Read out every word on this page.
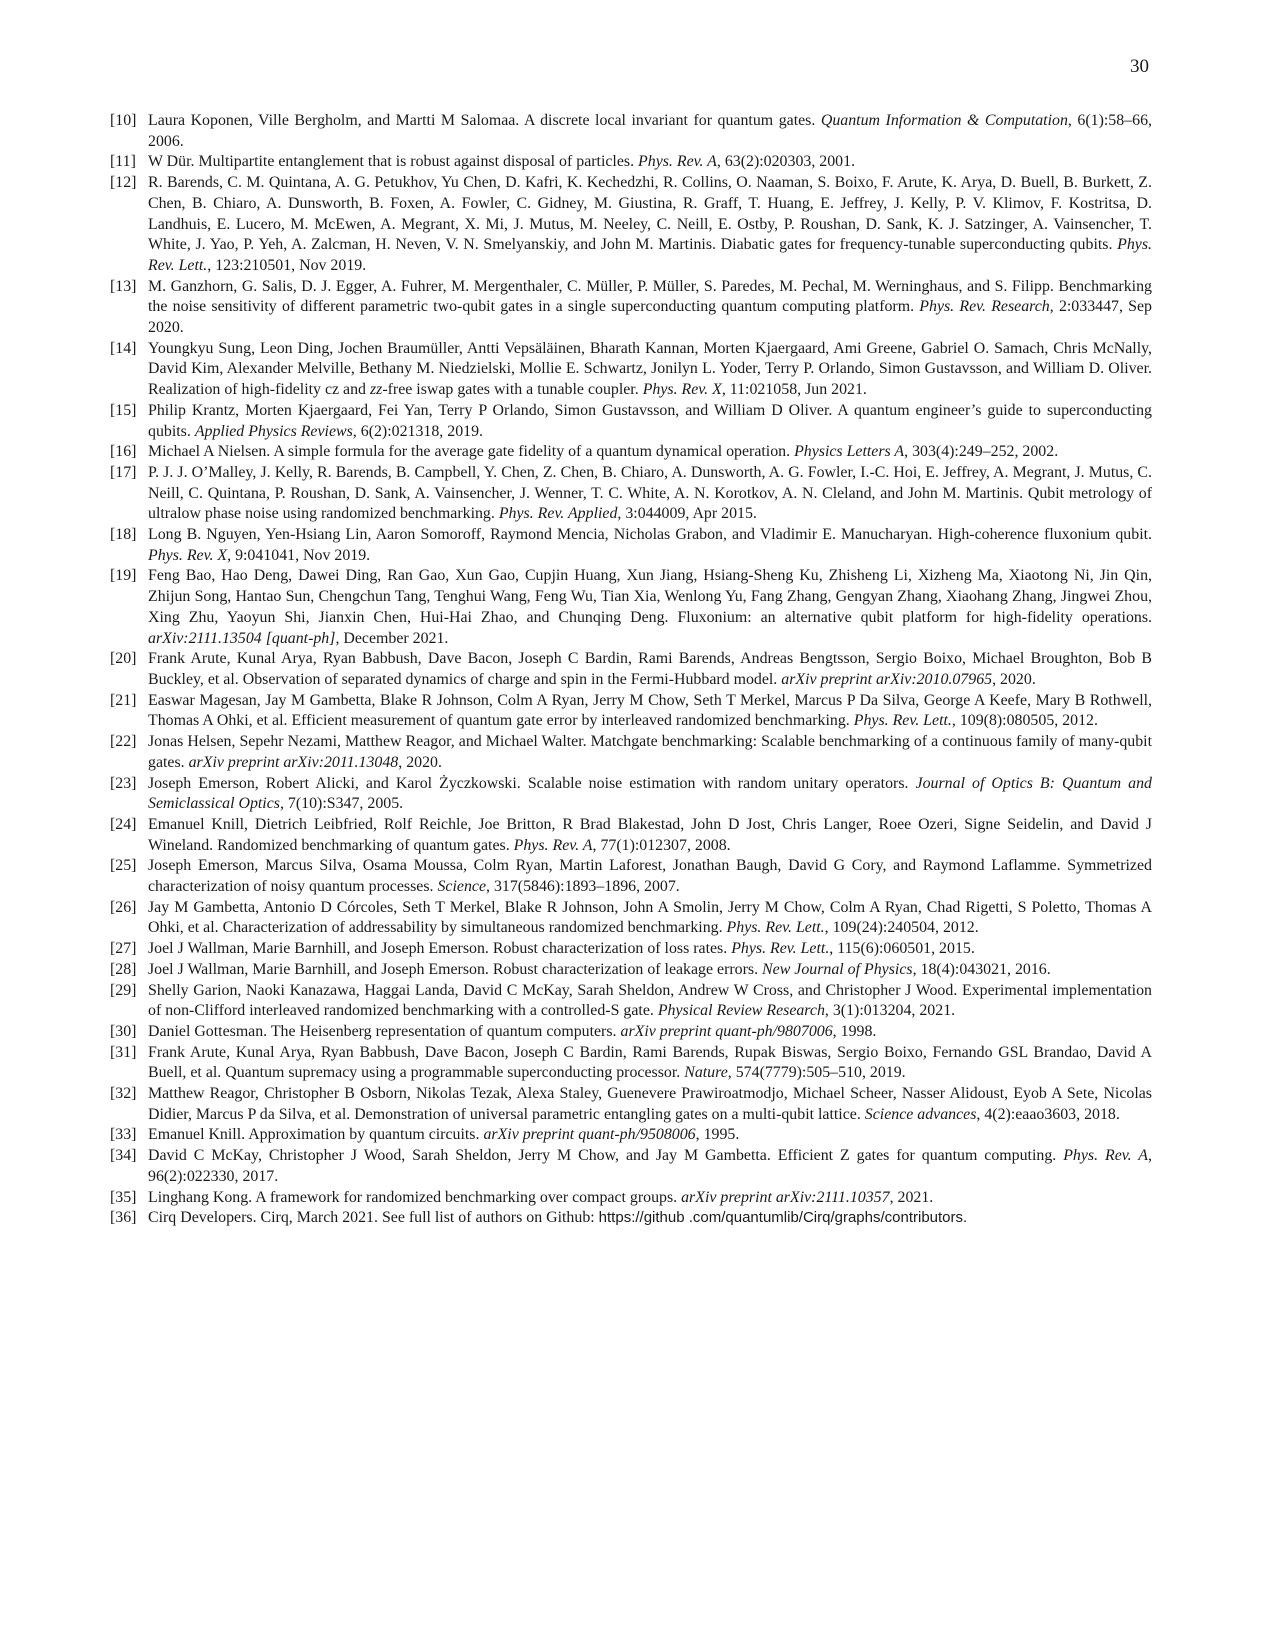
30
[10] Laura Koponen, Ville Bergholm, and Martti M Salomaa. A discrete local invariant for quantum gates. Quantum Information & Computation, 6(1):58–66, 2006.
[11] W Dür. Multipartite entanglement that is robust against disposal of particles. Phys. Rev. A, 63(2):020303, 2001.
[12] R. Barends, C. M. Quintana, A. G. Petukhov, Yu Chen, D. Kafri, K. Kechedzhi, R. Collins, O. Naaman, S. Boixo, F. Arute, K. Arya, D. Buell, B. Burkett, Z. Chen, B. Chiaro, A. Dunsworth, B. Foxen, A. Fowler, C. Gidney, M. Giustina, R. Graff, T. Huang, E. Jeffrey, J. Kelly, P. V. Klimov, F. Kostritsa, D. Landhuis, E. Lucero, M. McEwen, A. Megrant, X. Mi, J. Mutus, M. Neeley, C. Neill, E. Ostby, P. Roushan, D. Sank, K. J. Satzinger, A. Vainsencher, T. White, J. Yao, P. Yeh, A. Zalcman, H. Neven, V. N. Smelyanskiy, and John M. Martinis. Diabatic gates for frequency-tunable superconducting qubits. Phys. Rev. Lett., 123:210501, Nov 2019.
[13] M. Ganzhorn, G. Salis, D. J. Egger, A. Fuhrer, M. Mergenthaler, C. Müller, P. Müller, S. Paredes, M. Pechal, M. Werninghaus, and S. Filipp. Benchmarking the noise sensitivity of different parametric two-qubit gates in a single superconducting quantum computing platform. Phys. Rev. Research, 2:033447, Sep 2020.
[14] Youngkyu Sung, Leon Ding, Jochen Braumüller, Antti Vepsäläinen, Bharath Kannan, Morten Kjaergaard, Ami Greene, Gabriel O. Samach, Chris McNally, David Kim, Alexander Melville, Bethany M. Niedzielski, Mollie E. Schwartz, Jonilyn L. Yoder, Terry P. Orlando, Simon Gustavsson, and William D. Oliver. Realization of high-fidelity cz and zz-free iswap gates with a tunable coupler. Phys. Rev. X, 11:021058, Jun 2021.
[15] Philip Krantz, Morten Kjaergaard, Fei Yan, Terry P Orlando, Simon Gustavsson, and William D Oliver. A quantum engineer’s guide to superconducting qubits. Applied Physics Reviews, 6(2):021318, 2019.
[16] Michael A Nielsen. A simple formula for the average gate fidelity of a quantum dynamical operation. Physics Letters A, 303(4):249–252, 2002.
[17] P. J. J. O’Malley, J. Kelly, R. Barends, B. Campbell, Y. Chen, Z. Chen, B. Chiaro, A. Dunsworth, A. G. Fowler, I.-C. Hoi, E. Jeffrey, A. Megrant, J. Mutus, C. Neill, C. Quintana, P. Roushan, D. Sank, A. Vainsencher, J. Wenner, T. C. White, A. N. Korotkov, A. N. Cleland, and John M. Martinis. Qubit metrology of ultralow phase noise using randomized benchmarking. Phys. Rev. Applied, 3:044009, Apr 2015.
[18] Long B. Nguyen, Yen-Hsiang Lin, Aaron Somoroff, Raymond Mencia, Nicholas Grabon, and Vladimir E. Manucharyan. High-coherence fluxonium qubit. Phys. Rev. X, 9:041041, Nov 2019.
[19] Feng Bao, Hao Deng, Dawei Ding, Ran Gao, Xun Gao, Cupjin Huang, Xun Jiang, Hsiang-Sheng Ku, Zhisheng Li, Xizheng Ma, Xiaotong Ni, Jin Qin, Zhijun Song, Hantao Sun, Chengchun Tang, Tenghui Wang, Feng Wu, Tian Xia, Wenlong Yu, Fang Zhang, Gengyan Zhang, Xiaohang Zhang, Jingwei Zhou, Xing Zhu, Yaoyun Shi, Jianxin Chen, Hui-Hai Zhao, and Chunqing Deng. Fluxonium: an alternative qubit platform for high-fidelity operations. arXiv:2111.13504 [quant-ph], December 2021.
[20] Frank Arute, Kunal Arya, Ryan Babbush, Dave Bacon, Joseph C Bardin, Rami Barends, Andreas Bengtsson, Sergio Boixo, Michael Broughton, Bob B Buckley, et al. Observation of separated dynamics of charge and spin in the Fermi-Hubbard model. arXiv preprint arXiv:2010.07965, 2020.
[21] Easwar Magesan, Jay M Gambetta, Blake R Johnson, Colm A Ryan, Jerry M Chow, Seth T Merkel, Marcus P Da Silva, George A Keefe, Mary B Rothwell, Thomas A Ohki, et al. Efficient measurement of quantum gate error by interleaved randomized benchmarking. Phys. Rev. Lett., 109(8):080505, 2012.
[22] Jonas Helsen, Sepehr Nezami, Matthew Reagor, and Michael Walter. Matchgate benchmarking: Scalable benchmarking of a continuous family of many-qubit gates. arXiv preprint arXiv:2011.13048, 2020.
[23] Joseph Emerson, Robert Alicki, and Karol Życzkowski. Scalable noise estimation with random unitary operators. Journal of Optics B: Quantum and Semiclassical Optics, 7(10):S347, 2005.
[24] Emanuel Knill, Dietrich Leibfried, Rolf Reichle, Joe Britton, R Brad Blakestad, John D Jost, Chris Langer, Roee Ozeri, Signe Seidelin, and David J Wineland. Randomized benchmarking of quantum gates. Phys. Rev. A, 77(1):012307, 2008.
[25] Joseph Emerson, Marcus Silva, Osama Moussa, Colm Ryan, Martin Laforest, Jonathan Baugh, David G Cory, and Raymond Laflamme. Symmetrized characterization of noisy quantum processes. Science, 317(5846):1893–1896, 2007.
[26] Jay M Gambetta, Antonio D Córcoles, Seth T Merkel, Blake R Johnson, John A Smolin, Jerry M Chow, Colm A Ryan, Chad Rigetti, S Poletto, Thomas A Ohki, et al. Characterization of addressability by simultaneous randomized benchmarking. Phys. Rev. Lett., 109(24):240504, 2012.
[27] Joel J Wallman, Marie Barnhill, and Joseph Emerson. Robust characterization of loss rates. Phys. Rev. Lett., 115(6):060501, 2015.
[28] Joel J Wallman, Marie Barnhill, and Joseph Emerson. Robust characterization of leakage errors. New Journal of Physics, 18(4):043021, 2016.
[29] Shelly Garion, Naoki Kanazawa, Haggai Landa, David C McKay, Sarah Sheldon, Andrew W Cross, and Christopher J Wood. Experimental implementation of non-Clifford interleaved randomized benchmarking with a controlled-S gate. Physical Review Research, 3(1):013204, 2021.
[30] Daniel Gottesman. The Heisenberg representation of quantum computers. arXiv preprint quant-ph/9807006, 1998.
[31] Frank Arute, Kunal Arya, Ryan Babbush, Dave Bacon, Joseph C Bardin, Rami Barends, Rupak Biswas, Sergio Boixo, Fernando GSL Brandao, David A Buell, et al. Quantum supremacy using a programmable superconducting processor. Nature, 574(7779):505–510, 2019.
[32] Matthew Reagor, Christopher B Osborn, Nikolas Tezak, Alexa Staley, Guenevere Prawiroatmodjo, Michael Scheer, Nasser Alidoust, Eyob A Sete, Nicolas Didier, Marcus P da Silva, et al. Demonstration of universal parametric entangling gates on a multi-qubit lattice. Science advances, 4(2):eaao3603, 2018.
[33] Emanuel Knill. Approximation by quantum circuits. arXiv preprint quant-ph/9508006, 1995.
[34] David C McKay, Christopher J Wood, Sarah Sheldon, Jerry M Chow, and Jay M Gambetta. Efficient Z gates for quantum computing. Phys. Rev. A, 96(2):022330, 2017.
[35] Linghang Kong. A framework for randomized benchmarking over compact groups. arXiv preprint arXiv:2111.10357, 2021.
[36] Cirq Developers. Cirq, March 2021. See full list of authors on Github: https://github .com/quantumlib/Cirq/graphs/contributors.
